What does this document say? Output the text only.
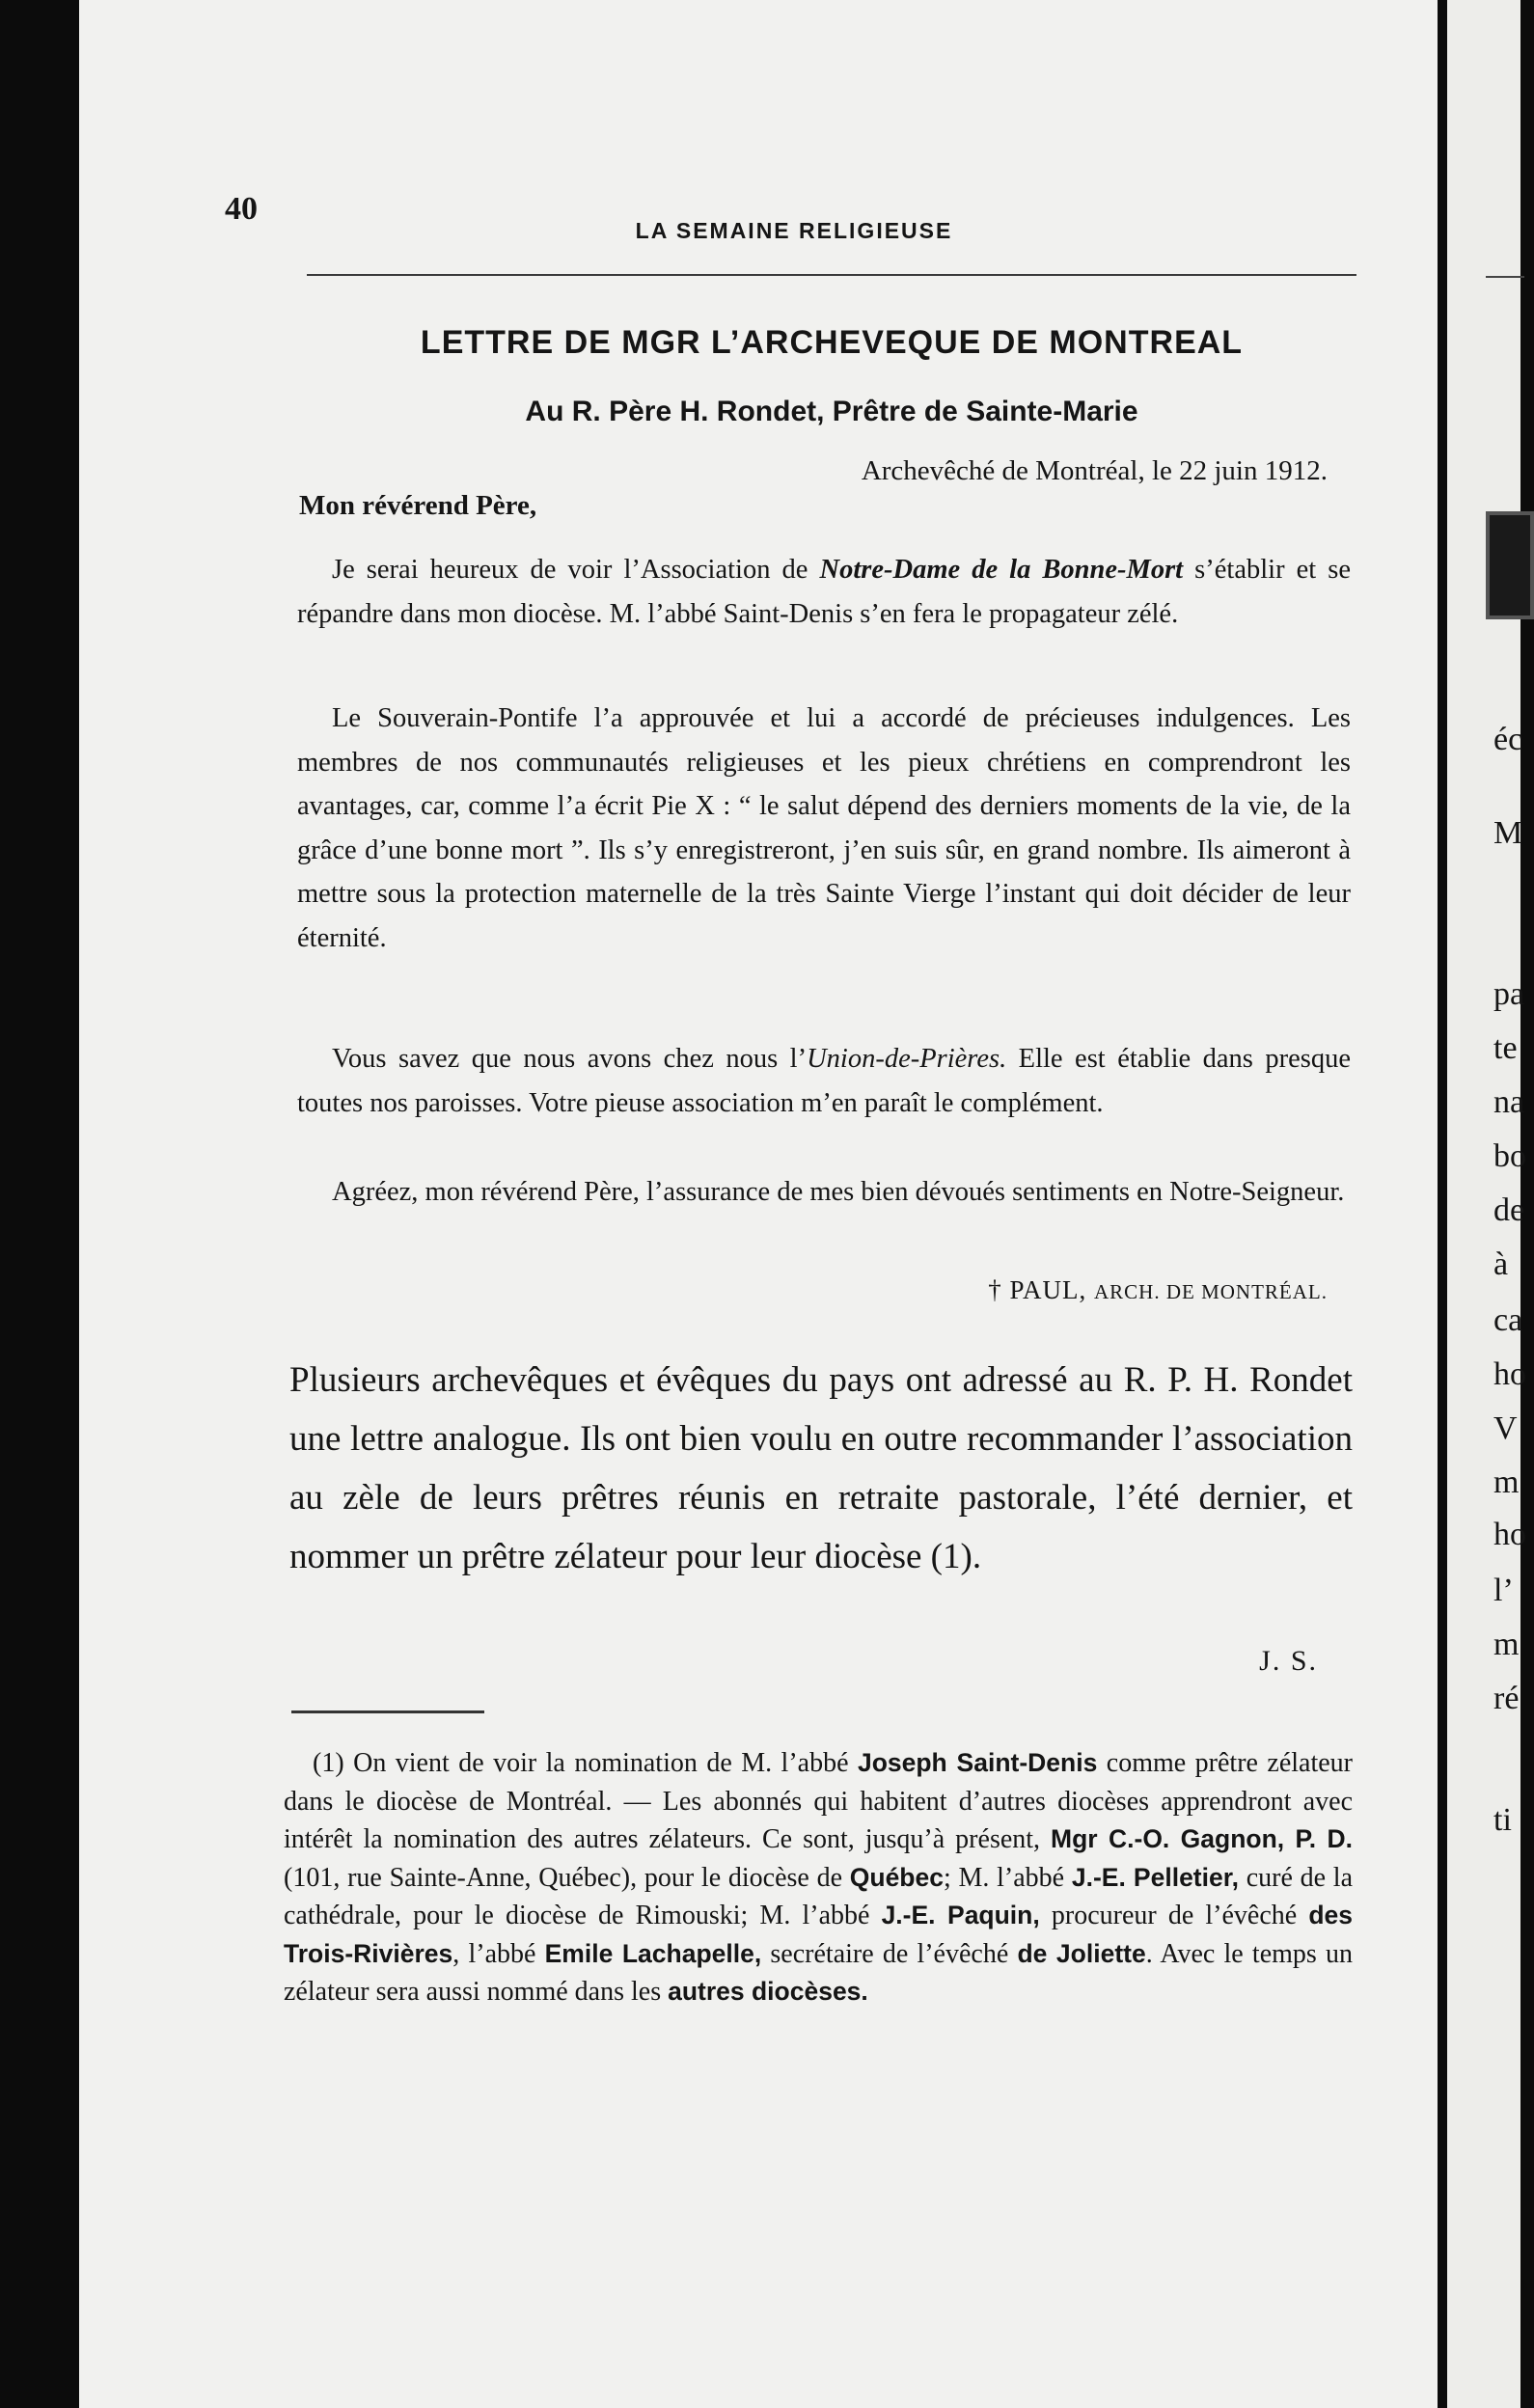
éc
M
pa
te
na
bo
de
à
ca
ho
V
m
ho
l’
m
ré
ti
40
LA SEMAINE RELIGIEUSE
LETTRE DE MGR L’ARCHEVEQUE DE MONTREAL
Au R. Père H. Rondet, Prêtre de Sainte-Marie
Archevêché de Montréal, le 22 juin 1912.
Mon révérend Père,

Je serai heureux de voir l’Association de Notre-Dame de la Bonne-Mort s’établir et se répandre dans mon diocèse. M. l’abbé Saint-Denis s’en fera le propagateur zélé.

Le Souverain-Pontife l’a approuvée et lui a accordé de précieuses indulgences. Les membres de nos communautés religieuses et les pieux chrétiens en comprendront les avantages, car, comme l’a écrit Pie X : “ le salut dépend des derniers moments de la vie, de la grâce d’une bonne mort ”. Ils s’y enregistreront, j’en suis sûr, en grand nombre. Ils aimeront à mettre sous la protection maternelle de la très Sainte Vierge l’instant qui doit décider de leur éternité.

Vous savez que nous avons chez nous l’Union-de-Prières. Elle est établie dans presque toutes nos paroisses. Votre pieuse association m’en paraît le complément.

Agréez, mon révérend Père, l’assurance de mes bien dévoués sentiments en Notre-Seigneur.

† PAUL, ARCH. DE MONTRÉAL.

Plusieurs archevêques et évêques du pays ont adressé au R. P. H. Rondet une lettre analogue. Ils ont bien voulu en outre recommander l’association au zèle de leurs prêtres réunis en retraite pastorale, l’été dernier, et nommer un prêtre zélateur pour leur diocèse (1).

J. S.

(1) On vient de voir la nomination de M. l’abbé Joseph Saint-Denis comme prêtre zélateur dans le diocèse de Montréal. — Les abonnés qui habitent d’autres diocèses apprendront avec intérêt la nomination des autres zélateurs. Ce sont, jusqu’à présent, Mgr C.-O. Gagnon, P. D. (101, rue Sainte-Anne, Québec), pour le diocèse de Québec; M. l’abbé J.-E. Pelletier, curé de la cathédrale, pour le diocèse de Rimouski; M. l’abbé J.-E. Paquin, procureur de l’évêché des Trois-Rivières, l’abbé Emile Lachapelle, secrétaire de l’évêché de Joliette. Avec le temps un zélateur sera aussi nommé dans les autres diocèses.
